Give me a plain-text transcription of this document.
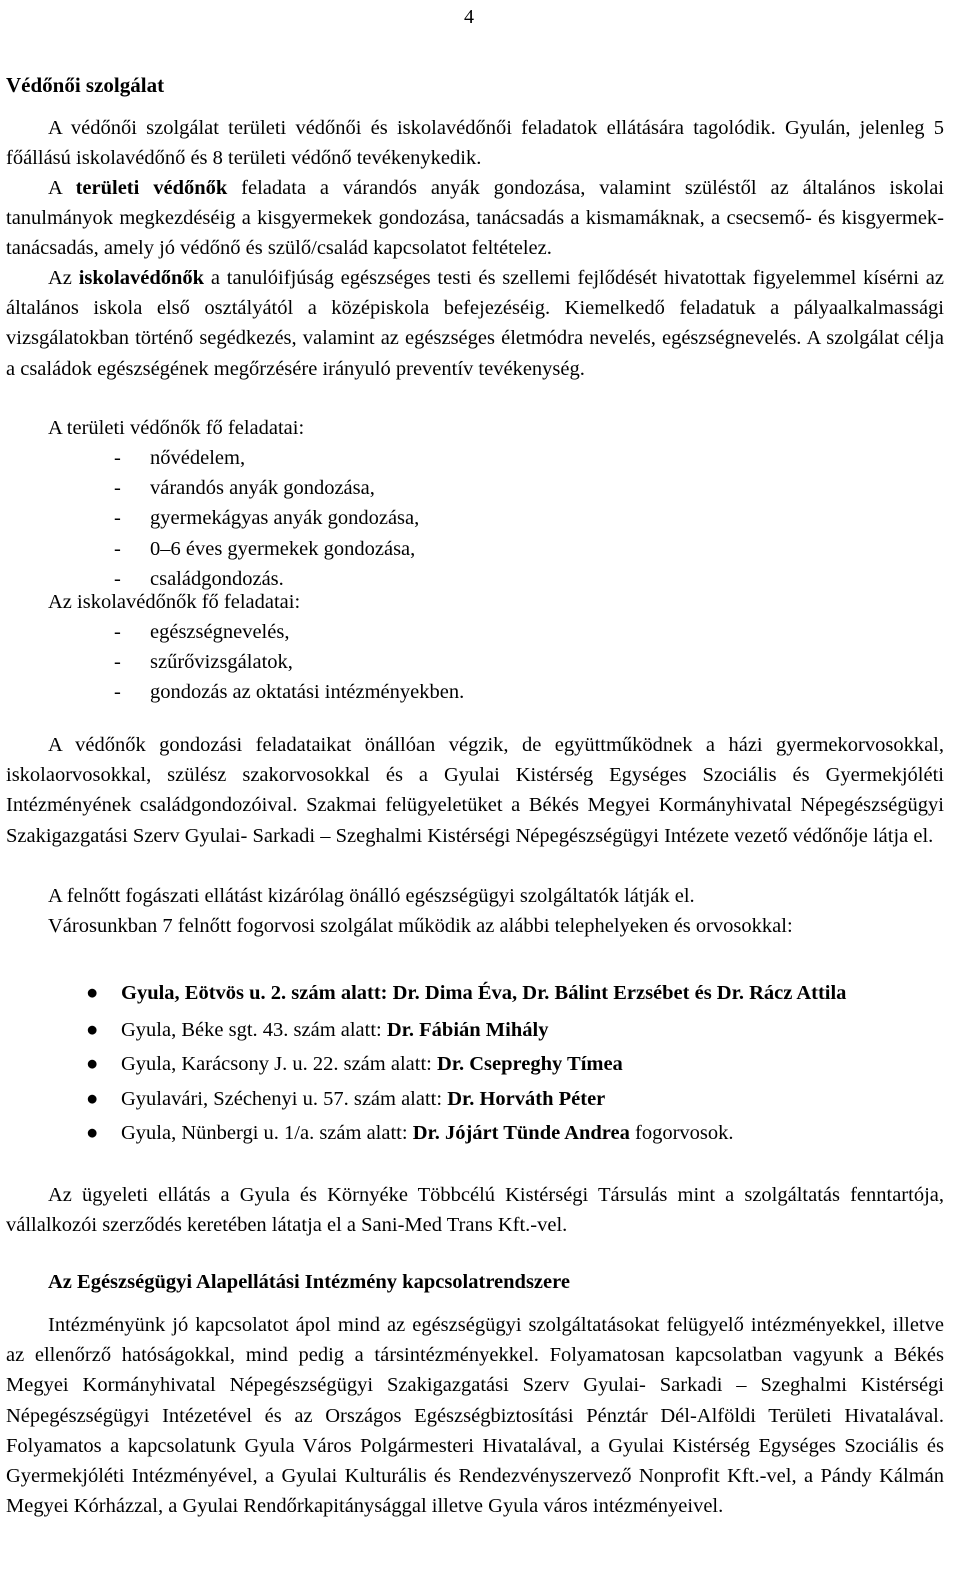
4
Védőnői szolgálat
A védőnői szolgálat területi védőnői és iskolavédőnői feladatok ellátására tagolódik. Gyulán, jelenleg 5 főállású iskolavédőnő és 8 területi védőnő tevékenykedik.
A területi védőnők feladata a várandós anyák gondozása, valamint szüléstől az általános iskolai tanulmányok megkezdéséig a kisgyermekek gondozása, tanácsadás a kismamáknak, a csecsemő- és kisgyermek-tanácsadás, amely jó védőnő és szülő/család kapcsolatot feltételez.
Az iskolavédőnők a tanulóifjúság egészséges testi és szellemi fejlődését hivatottak figyelemmel kísérni az általános iskola első osztályától a középiskola befejezéséig. Kiemelkedő feladatuk a pályaalkalmassági vizsgálatokban történő segédkezés, valamint az egészséges életmódra nevelés, egészségnevelés. A szolgálat célja a családok egészségének megőrzésére irányuló preventív tevékenység.
A területi védőnők fő feladatai:
- nővédelem,
- várandós anyák gondozása,
- gyermekágyas anyák gondozása,
- 0–6 éves gyermekek gondozása,
- családgondozás.
Az iskolavédőnők fő feladatai:
- egészségnevelés,
- szűrővizsgálatok,
- gondozás az oktatási intézményekben.
A védőnők gondozási feladataikat önállóan végzik, de együttműködnek a házi gyermekorvosokkal, iskolaorvosokkal, szülész szakorvosokkal és a Gyulai Kistérség Egységes Szociális és Gyermekjóléti Intézményének családgondozóival. Szakmai felügyeletüket a Békés Megyei Kormányhivatal Népegészségügyi Szakigazgatási Szerv Gyulai- Sarkadi – Szeghalmi Kistérségi Népegészségügyi Intézete vezető védőnője látja el.
A felnőtt fogászati ellátást kizárólag önálló egészségügyi szolgáltatók látják el.
Városunkban 7 felnőtt fogorvosi szolgálat működik az alábbi telephelyeken és orvosokkal:
● Gyula, Eötvös u. 2. szám alatt: Dr. Dima Éva, Dr. Bálint Erzsébet és Dr. Rácz Attila
● Gyula, Béke sgt. 43. szám alatt: Dr. Fábián Mihály
● Gyula, Karácsony J. u. 22. szám alatt: Dr. Csepreghy Tímea
● Gyulavári, Széchenyi u. 57. szám alatt: Dr. Horváth Péter
● Gyula, Nünbergi u. 1/a. szám alatt: Dr. Jójárt Tünde Andrea fogorvosok.
Az ügyeleti ellátás a Gyula és Környéke Többcélú Kistérségi Társulás mint a szolgáltatás fenntartója, vállalkozói szerződés keretében látatja el a Sani-Med Trans Kft.-vel.
Az Egészségügyi Alapellátási Intézmény kapcsolatrendszere
Intézményünk jó kapcsolatot ápol mind az egészségügyi szolgáltatásokat felügyelő intézményekkel, illetve az ellenőrző hatóságokkal, mind pedig a társintézményekkel. Folyamatosan kapcsolatban vagyunk a Békés Megyei Kormányhivatal Népegészségügyi Szakigazgatási Szerv Gyulai- Sarkadi – Szeghalmi Kistérségi Népegészségügyi Intézetével és az Országos Egészségbiztosítási Pénztár Dél-Alföldi Területi Hivatalával. Folyamatos a kapcsolatunk Gyula Város Polgármesteri Hivatalával, a Gyulai Kistérség Egységes Szociális és Gyermekjóléti Intézményével, a Gyulai Kulturális és Rendezvényszervező Nonprofit Kft.-vel, a Pándy Kálmán Megyei Kórházzal, a Gyulai Rendőrkapitánysággal illetve Gyula város intézményeivel.
